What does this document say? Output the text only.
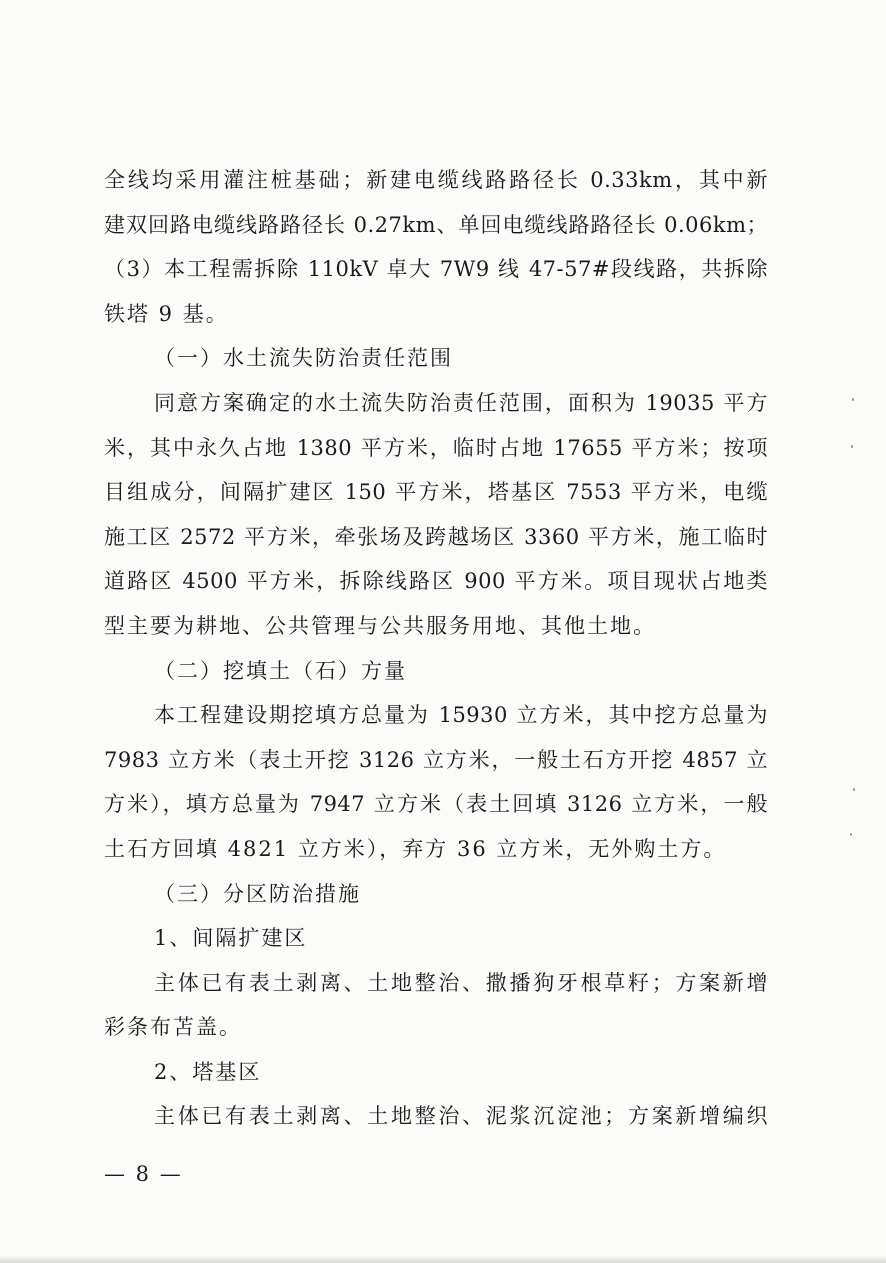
全线均采用灌注桩基础；新建电缆线路路径长 0.33km，其中新
建双回路电缆线路路径长 0.27km、单回电缆线路路径长 0.06km；
（3）本工程需拆除 110kV 卓大 7W9 线 47-57#段线路，共拆除
铁塔 9 基。
（一）水土流失防治责任范围
同意方案确定的水土流失防治责任范围，面积为 19035 平方
米，其中永久占地 1380 平方米，临时占地 17655 平方米；按项
目组成分，间隔扩建区 150 平方米，塔基区 7553 平方米，电缆
施工区 2572 平方米，牵张场及跨越场区 3360 平方米，施工临时
道路区 4500 平方米，拆除线路区 900 平方米。项目现状占地类
型主要为耕地、公共管理与公共服务用地、其他土地。
（二）挖填土（石）方量
本工程建设期挖填方总量为 15930 立方米，其中挖方总量为
7983 立方米（表土开挖 3126 立方米，一般土石方开挖 4857 立
方米），填方总量为 7947 立方米（表土回填 3126 立方米，一般
土石方回填 4821 立方米），弃方 36 立方米，无外购土方。
（三）分区防治措施
1、间隔扩建区
主体已有表土剥离、土地整治、撒播狗牙根草籽；方案新增
彩条布苫盖。
2、塔基区
主体已有表土剥离、土地整治、泥浆沉淀池；方案新增编织
— 8 —
